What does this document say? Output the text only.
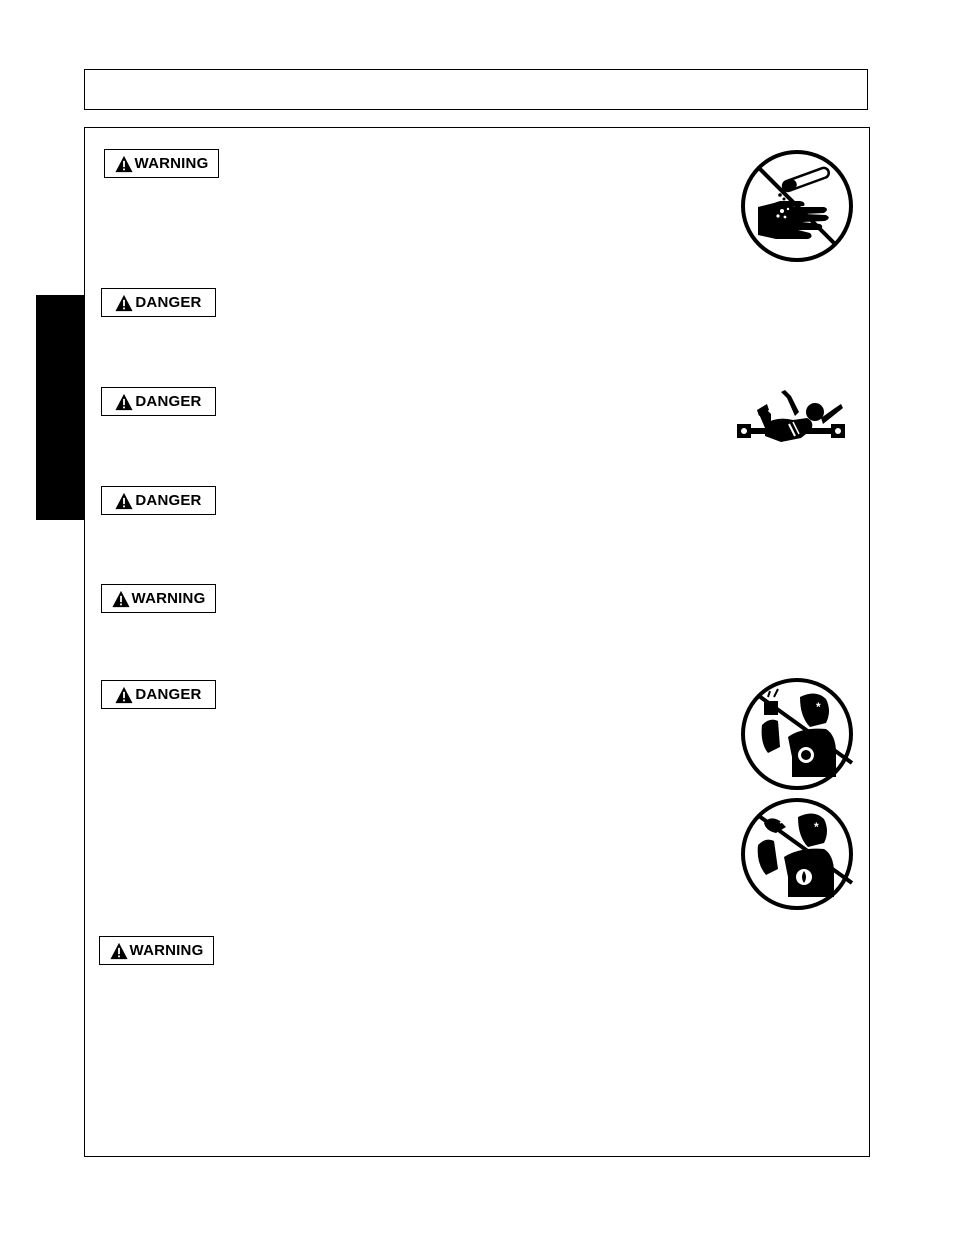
WARNING
DANGER
DANGER
DANGER
WARNING
DANGER
WARNING
*
*
